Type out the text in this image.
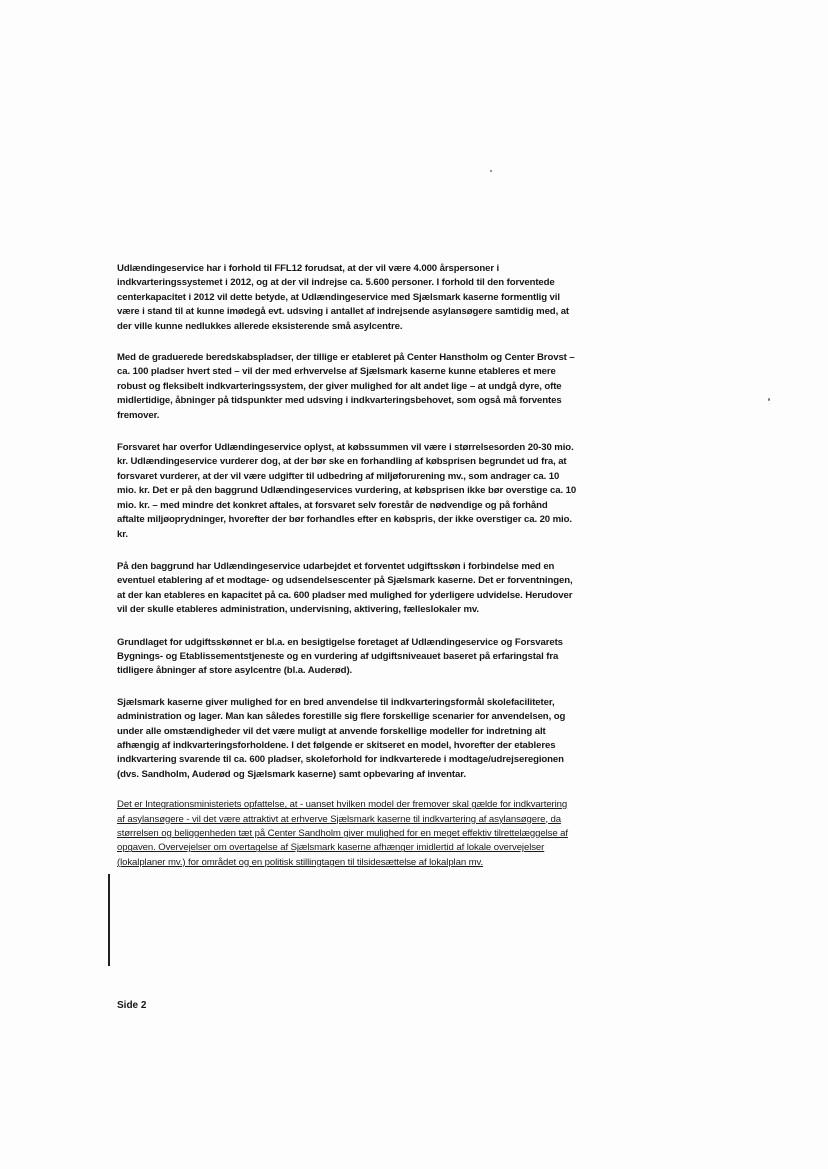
Udlændingeservice har i forhold til FFL12 forudsat, at der vil være 4.000 årspersoner i indkvarteringssystemet i 2012, og at der vil indrejse ca. 5.600 personer. I forhold til den forventede centerkapacitet i 2012 vil dette betyde, at Udlændingeservice med Sjælsmark kaserne formentlig vil være i stand til at kunne imødegå evt. udsving i antallet af indrejsende asylansøgere samtidig med, at der ville kunne nedlukkes allerede eksisterende små asylcentre.

Med de graduerede beredskabspladser, der tillige er etableret på Center Hanstholm og Center Brovst – ca. 100 pladser hvert sted – vil der med erhvervelse af Sjælsmark kaserne kunne etableres et mere robust og fleksibelt indkvarteringssystem, der giver mulighed for alt andet lige – at undgå dyre, ofte midlertidige, åbninger på tidspunkter med udsving i indkvarteringsbehovet, som også må forventes fremover.

Forsvaret har overfor Udlændingeservice oplyst, at købssummen vil være i størrelsesorden 20-30 mio. kr. Udlændingeservice vurderer dog, at der bør ske en forhandling af købsprisen begrundet ud fra, at forsvaret vurderer, at der vil være udgifter til udbedring af miljøforurening mv., som andrager ca. 10 mio. kr. Det er på den baggrund Udlændingeservices vurdering, at købsprisen ikke bør overstige ca. 10 mio. kr. – med mindre det konkret aftales, at forsvaret selv forestår de nødvendige og på forhånd aftalte miljøoprydninger, hvorefter der bør forhandles efter en købspris, der ikke overstiger ca. 20 mio. kr.

På den baggrund har Udlændingeservice udarbejdet et forventet udgiftsskøn i forbindelse med en eventuel etablering af et modtage- og udsendelsescenter på Sjælsmark kaserne. Det er forventningen, at der kan etableres en kapacitet på ca. 600 pladser med mulighed for yderligere udvidelse. Herudover vil der skulle etableres administration, undervisning, aktivering, fælleslokaler mv.

Grundlaget for udgiftsskønnet er bl.a. en besigtigelse foretaget af Udlændingeservice og Forsvarets Bygnings- og Etablissementstjeneste og en vurdering af udgiftsniveauet baseret på erfaringstal fra tidligere åbninger af store asylcentre (bl.a. Auderød).

Sjælsmark kaserne giver mulighed for en bred anvendelse til indkvarteringsformål skolefaciliteter, administration og lager. Man kan således forestille sig flere forskellige scenarier for anvendelsen, og under alle omstændigheder vil det være muligt at anvende forskellige modeller for indretning alt afhængig af indkvarteringsforholdene. I det følgende er skitseret en model, hvorefter der etableres indkvartering svarende til ca. 600 pladser, skoleforhold for indkvarterede i modtage/udrejseregionen (dvs. Sandholm, Auderød og Sjælsmark kaserne) samt opbevaring af inventar.

Det er Integrationsministeriets opfattelse, at - uanset hvilken model der fremover skal gælde for indkvartering af asylansøgere - vil det være attraktivt at erhverve Sjælsmark kaserne til indkvartering af asylansøgere, da størrelsen og beliggenheden tæt på Center Sandholm giver mulighed for en meget effektiv tilrettelæggelse af opgaven. Overvejelser om overtagelse af Sjælsmark kaserne afhænger imidlertid af lokale overvejelser (lokalplaner mv.) for området og en politisk stillingtagen til tilsidesættelse af lokalplan mv.

Side 2
